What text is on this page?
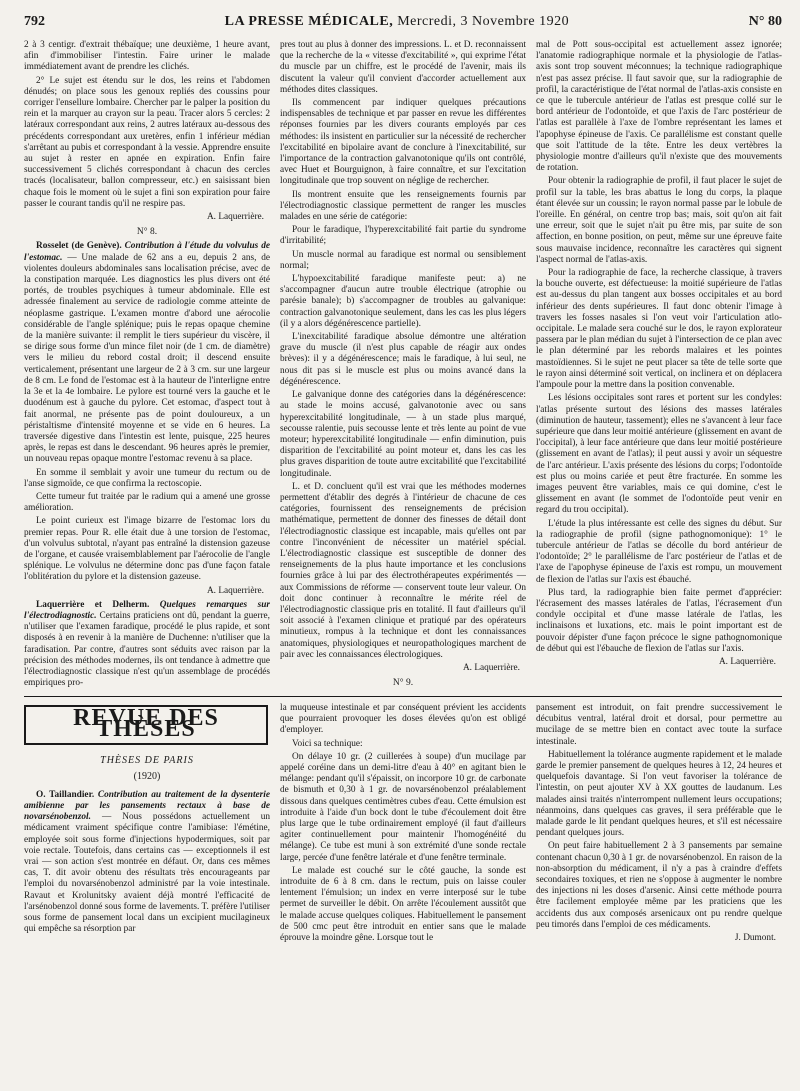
792	LA PRESSE MÉDICALE, Mercredi, 3 Novembre 1920	N° 80

2 à 3 centigr. d'extrait thébaïque; une deuxième, 1 heure avant, afin d'immobiliser l'intestin. Faire uriner le malade immédiatement avant de prendre les clichés.

2° Le sujet est étendu sur le dos, les reins et l'abdomen dénudés; on place sous les genoux repliés des coussins pour corriger l'ensellure lombaire. Chercher par le palper la position du rein et la marquer au crayon sur la peau. Tracer alors 5 cercles: 2 latéraux correspondant aux reins, 2 autres latéraux au-dessous des précédents correspondant aux uretères, enfin 1 inférieur médian s'arrêtant au pubis et correspondant à la vessie. Apprendre ensuite au sujet à rester en apnée en expiration. Enfin faire successivement 5 clichés correspondant à chacun des cercles tracés (localisateur, ballon compresseur, etc.) en saisissant bien chaque fois le moment où le sujet a fini son expiration pour faire passer le courant tandis qu'il ne respire pas.

A. Laquerrière.
N° 8.

Rosselet (de Genève). Contribution à l'étude du volvulus de l'estomac. — Une malade de 62 ans a eu, depuis 2 ans, de violentes douleurs abdominales sans localisation précise, avec de la constipation marquée. Les diagnostics les plus divers ont été portés, de troubles psychiques à tumeur abdominale. Elle est adressée finalement au service de radiologie comme atteinte de néoplasme gastrique. L'examen montre d'abord une aérocolie considérable de l'angle splénique; puis le repas opaque chemine de la manière suivante: il remplit le tiers supérieur du viscère, il se dirige sous forme d'un mince filet noir (de 1 cm. de diamètre) vers le milieu du rebord costal droit; il descend ensuite verticalement, présentant une largeur de 2 à 3 cm. sur une largeur de 8 cm. Le fond de l'estomac est à la hauteur de l'interligne entre la 3e et la 4e lombaire. Le pylore est tourné vers la gauche et le duodénum est à gauche du pylore. Cet estomac, d'aspect tout à fait anormal, ne présente pas de point douloureux, a un péristaltisme d'intensité moyenne et se vide en 6 heures. La traversée digestive dans l'intestin est lente, puisque, 225 heures après, le repas est dans le descendant. 96 heures après le premier, un nouveau repas opaque montre l'estomac revenu à sa place.

En somme il semblait y avoir une tumeur du rectum ou de l'anse sigmoïde, ce que confirma la rectoscopie.

Cette tumeur fut traitée par le radium qui a amené une grosse amélioration.

Le point curieux est l'image bizarre de l'estomac lors du premier repas. Pour R. elle était due à une torsion de l'estomac, d'un volvulus subtotal, n'ayant pas entraîné la distension gazeuse de l'organe, et causée vraisemblablement par l'aérocolie de l'angle splénique. Le volvulus ne détermine donc pas d'une façon fatale l'oblitération du pylore et la distension gazeuse.

A. Laquerrière.

Laquerrière et Delherm. Quelques remarques sur l'électrodiagnostic. Certains praticiens ont dû, pendant la guerre, n'utiliser que l'examen faradique, procédé le plus rapide, et sont disposés à en revenir à la manière de Duchenne: n'utiliser que la faradisation. Par contre, d'autres sont séduits avec raison par la précision des méthodes modernes, ils ont tendance à admettre que l'électrodiagnostic classique n'est qu'un assemblage de procédés empiriques pro-

pres tout au plus à donner des impressions. L. et D. reconnaissent que la recherche de la « vitesse d'excitabilité », qui exprime l'état du muscle par un chiffre, est le procédé de l'avenir, mais ils discutent la valeur qu'il convient d'accorder actuellement aux méthodes dites classiques.

Ils commencent par indiquer quelques précautions indispensables de technique et par passer en revue les différentes réponses fournies par les divers courants employés par ces méthodes: ils insistent en particulier sur la nécessité de rechercher l'excitabilité en bipolaire avant de conclure à l'inexcitabilité, sur l'importance de la contraction galvanotonique qu'ils ont contrôlé, avec Huet et Bourguignon, à faire connaître, et sur l'excitation longitudinale que trop souvent on néglige de rechercher.

Ils montrent ensuite que les renseignements fournis par l'électrodiagnostic classique permettent de ranger les muscles malades en une série de catégorie:

Pour le faradique, l'hyperexcitabilité fait partie du syndrome d'irritabilité;

Un muscle normal au faradique est normal ou sensiblement normal;

L'hypoexcitabilité faradique manifeste peut: a) ne s'accompagner d'aucun autre trouble électrique (atrophie ou parésie banale); b) s'accompagner de troubles au galvanique: contraction galvanotonique seulement, dans les cas les plus légers (il y a alors dégénérescence partielle).

L'inexcitabilité faradique absolue démontre une altération grave du muscle (il n'est plus capable de réagir aux ondes brèves): il y a dégénérescence; mais le faradique, à lui seul, ne nous dit pas si le muscle est plus ou moins avancé dans la dégénérescence.

Le galvanique donne des catégories dans la dégénérescence: au stade le moins accusé, galvanotonie avec ou sans hyperexcitabilité longitudinale, — à un stade plus marqué, secousse ralentie, puis secousse lente et très lente au point de vue moteur; hyperexcitabilité longitudinale — enfin diminution, puis disparition de l'excitabilité au point moteur et, dans les cas les plus graves disparition de toute autre excitabilité que l'excitabilité longitudinale.

L. et D. concluent qu'il est vrai que les méthodes modernes permettent d'établir des degrés à l'intérieur de chacune de ces catégories, fournissent des renseignements de précision mathématique, permettent de donner des finesses de détail dont l'électrodiagnostic classique est incapable, mais qu'elles ont par contre l'inconvénient de nécessiter un matériel spécial. L'électrodiagnostic classique est susceptible de donner des renseignements de la plus haute importance et les conclusions fournies grâce à lui par des électrothérapeutes expérimentés — aux Commissions de réforme — conservent toute leur valeur. On doit donc continuer à reconnaître le mérite réel de l'électrodiagnostic classique pris en totalité. Il faut d'ailleurs qu'il soit associé à l'examen clinique et pratiqué par des opérateurs minutieux, rompus à la technique et dont les connaissances anatomiques, physiologiques et neuropathologiques marchent de pair avec les connaissances électrologiques.

A. Laquerrière.
N° 9.

mal de Pott sous-occipital est actuellement assez ignorée; l'anatomie radiographique normale et la physiologie de l'atlas-axis sont trop souvent méconnues; la technique radiographique n'est pas assez précise. Il faut savoir que, sur la radiographie de profil, la caractéristique de l'état normal de l'atlas-axis consiste en ce que le tubercule antérieur de l'atlas est presque collé sur le bord antérieur de l'odontoïde, et que l'axis de l'arc postérieur de l'atlas est parallèle à l'axe de l'ombre représentant les lames et l'apophyse épineuse de l'axis. Ce parallélisme est constant quelle que soit l'attitude de la tête. Entre les deux vertèbres la physiologie montre d'ailleurs qu'il n'existe que des mouvements de rotation.

Pour obtenir la radiographie de profil, il faut placer le sujet de profil sur la table, les bras abattus le long du corps, la plaque étant élevée sur un coussin; le rayon normal passe par le lobule de l'oreille. En général, on centre trop bas; mais, soit qu'on ait fait une erreur, soit que le sujet n'ait pu être mis, par suite de son affection, en bonne position, on peut, même sur une épreuve faite sous mauvaise incidence, reconnaître les caractères qui signent l'aspect normal de l'atlas-axis.

Pour la radiographie de face, la recherche classique, à travers la bouche ouverte, est défectueuse: la moitié supérieure de l'atlas est au-dessus du plan tangent aux bosses occipitales et au bord inférieur des dents supérieures. Il faut donc obtenir l'image à travers les fosses nasales si l'on veut voir l'articulation atlo-occipitale. Le malade sera couché sur le dos, le rayon explorateur passera par le plan médian du sujet à l'intersection de ce plan avec le plan déterminé par les rebords malaires et les pointes mastoïdiennes. Si le sujet ne peut placer sa tête de telle sorte que le rayon ainsi déterminé soit vertical, on inclinera et on déplacera l'ampoule pour la mettre dans la position convenable.

Les lésions occipitales sont rares et portent sur les condyles: l'atlas présente surtout des lésions des masses latérales (diminution de hauteur, tassement); elles ne s'avancent à leur face supérieure que dans leur moitié antérieure (glissement en avant de l'occipital), à leur face antérieure que dans leur moitié postérieure (glissement en avant de l'atlas); il peut aussi y avoir un séquestre de l'arc antérieur. L'axis présente des lésions du corps; l'odontoïde est plus ou moins cariée et peut être fracturée. En somme les images peuvent être variables, mais ce qui domine, c'est le glissement en avant (le sommet de l'odontoïde peut venir en regard du trou occipital).

L'étude la plus intéressante est celle des signes du début. Sur la radiographie de profil (signe pathognomonique): 1° le tubercule antérieur de l'atlas se décolle du bord antérieur de l'odontoïde; 2° le parallélisme de l'arc postérieur de l'atlas et de l'axe de l'apophyse épineuse de l'axis est rompu, un mouvement de flexion de l'atlas sur l'axis est ébauché.

Plus tard, la radiographie bien faite permet d'apprécier: l'écrasement des masses latérales de l'atlas, l'écrasement d'un condyle occipital et d'une masse latérale de l'atlas, les inclinaisons et luxations, etc. mais le point important est de pouvoir dépister d'une façon précoce le signe pathognomonique de début qui est l'ébauche de flexion de l'atlas sur l'axis.

A. Laquerrière.
REVUE DES THÈSES
THÈSES DE PARIS
(1920)

O. Taillandier. Contribution au traitement de la dysenterie amibienne par les pansements rectaux à base de novarsénobenzol. — Nous possédons actuellement un médicament vraiment spécifique contre l'amibiase: l'émétine, employée soit sous forme d'injections hypodermiques, soit par voie rectale. Toutefois, dans certains cas — exceptionnels il est vrai — son action s'est montrée en défaut. Or, dans ces mêmes cas, T. dit avoir obtenu des résultats très encourageants par l'emploi du novarsénobenzol administré par la voie intestinale. Ravaut et Krolunitsky avaient déjà montré l'efficacité de l'arsénobenzol donné sous forme de lavements. T. préfère l'utiliser sous forme de pansement local dans un excipient mucilagineux qui empêche sa résorption par

la muqueuse intestinale et par conséquent prévient les accidents que pourraient provoquer les doses élevées qu'on est obligé d'employer.

Voici sa technique:

On délaye 10 gr. (2 cuillerées à soupe) d'un mucilage par appelé coréine dans un demi-litre d'eau à 40° en agitant bien le mélange: pendant qu'il s'épaissit, on incorpore 10 gr. de carbonate de bismuth et 0,30 à 1 gr. de novarsénobenzol préalablement dissous dans quelques centimètres cubes d'eau. Cette émulsion est introduite à l'aide d'un bock dont le tube d'écoulement doit être plus large que le tube ordinairement employé (il faut d'ailleurs agiter continuellement pour maintenir l'homogénéité du mélange). Ce tube est muni à son extrémité d'une sonde rectale large, percée d'une fenêtre latérale et d'une fenêtre terminale.

Le malade est couché sur le côté gauche, la sonde est introduite de 6 à 8 cm. dans le rectum, puis on laisse couler lentement l'émulsion; un index en verre interposé sur le tube permet de surveiller le débit. On arrête l'écoulement aussitôt que le malade accuse quelques coliques. Habituellement le pansement de 500 cmc peut être introduit en entier sans que le malade éprouve la moindre gêne. Lorsque tout le

pansement est introduit, on fait prendre successivement le décubitus ventral, latéral droit et dorsal, pour permettre au mucilage de se mettre bien en contact avec toute la surface intestinale.

Habituellement la tolérance augmente rapidement et le malade garde le premier pansement de quelques heures à 12, 24 heures et quelquefois davantage. Si l'on veut favoriser la tolérance de l'intestin, on peut ajouter XV à XX gouttes de laudanum. Les malades ainsi traités n'interrompent nullement leurs occupations; néanmoins, dans quelques cas graves, il sera préférable que le malade garde le lit pendant quelques heures, et s'il est nécessaire pendant quelques jours.

On peut faire habituellement 2 à 3 pansements par semaine contenant chacun 0,30 à 1 gr. de novarsénobenzol. En raison de la non-absorption du médicament, il n'y a pas à craindre d'effets secondaires toxiques, et rien ne s'oppose à augmenter le nombre des injections ni les doses d'arsenic. Ainsi cette méthode pourra être facilement employée même par les praticiens que les accidents dus aux composés arsenicaux ont pu rendre quelque peu timorés dans l'emploi de ces médicaments.

J. Dumont.
